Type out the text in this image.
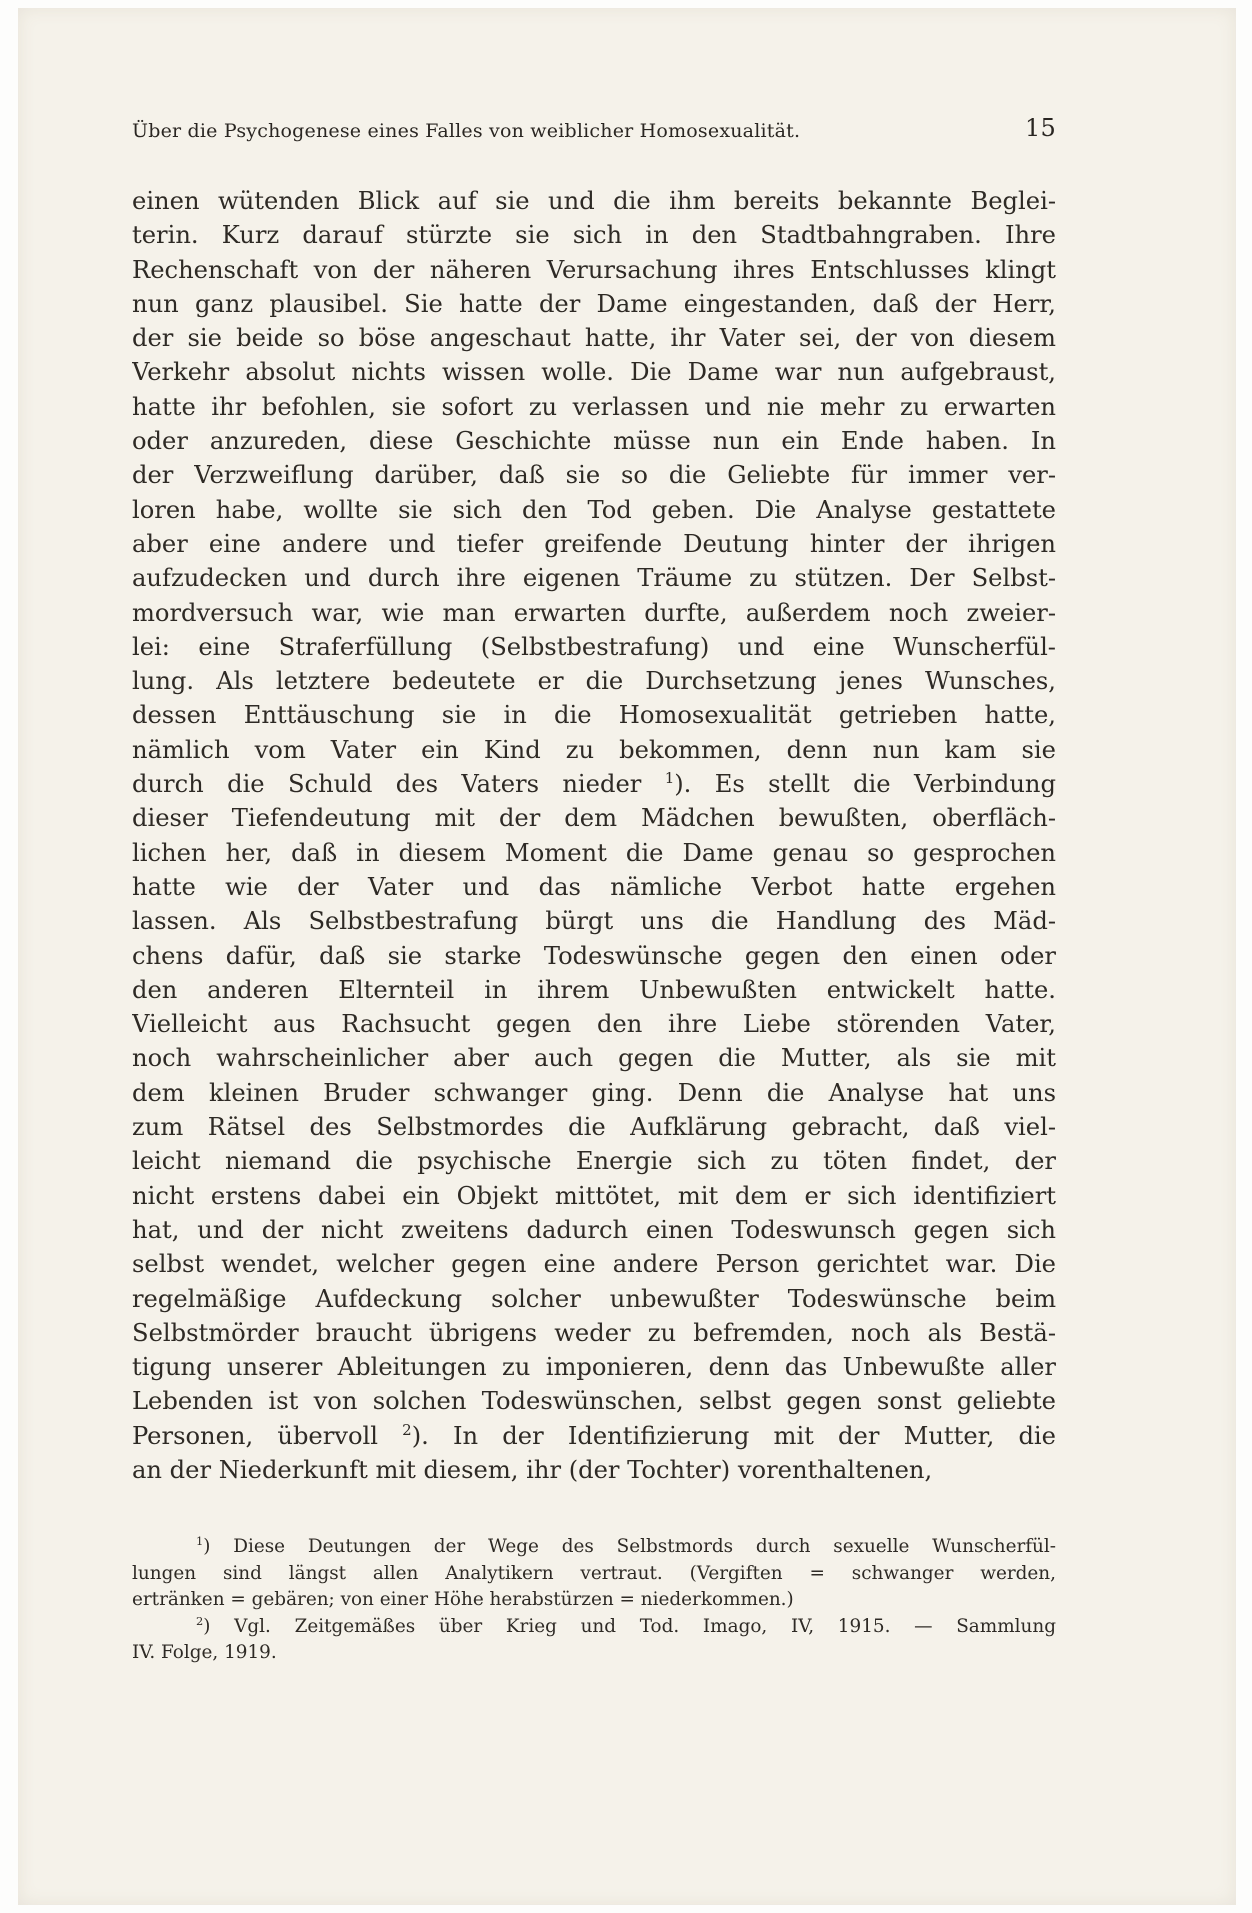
Über die Psychogenese eines Falles von weiblicher Homosexualität.	15
einen wütenden Blick auf sie und die ihm bereits bekannte Beglei-
terin. Kurz darauf stürzte sie sich in den Stadtbahngraben. Ihre
Rechenschaft von der näheren Verursachung ihres Entschlusses klingt
nun ganz plausibel. Sie hatte der Dame eingestanden, daß der Herr,
der sie beide so böse angeschaut hatte, ihr Vater sei, der von diesem
Verkehr absolut nichts wissen wolle. Die Dame war nun aufgebraust,
hatte ihr befohlen, sie sofort zu verlassen und nie mehr zu erwarten
oder anzureden, diese Geschichte müsse nun ein Ende haben. In
der Verzweiflung darüber, daß sie so die Geliebte für immer ver-
loren habe, wollte sie sich den Tod geben. Die Analyse gestattete
aber eine andere und tiefer greifende Deutung hinter der ihrigen
aufzudecken und durch ihre eigenen Träume zu stützen. Der Selbst-
mordversuch war, wie man erwarten durfte, außerdem noch zweier-
lei: eine Straferfüllung (Selbstbestrafung) und eine Wunscherfül-
lung. Als letztere bedeutete er die Durchsetzung jenes Wunsches,
dessen Enttäuschung sie in die Homosexualität getrieben hatte,
nämlich vom Vater ein Kind zu bekommen, denn nun kam sie
durch die Schuld des Vaters nieder $^1$). Es stellt die Verbindung
dieser Tiefendeutung mit der dem Mädchen bewußten, oberfläch-
lichen her, daß in diesem Moment die Dame genau so gesprochen
hatte wie der Vater und das nämliche Verbot hatte ergehen
lassen. Als Selbstbestrafung bürgt uns die Handlung des Mäd-
chens dafür, daß sie starke Todeswünsche gegen den einen oder
den anderen Elternteil in ihrem Unbewußten entwickelt hatte.
Vielleicht aus Rachsucht gegen den ihre Liebe störenden Vater,
noch wahrscheinlicher aber auch gegen die Mutter, als sie mit
dem kleinen Bruder schwanger ging. Denn die Analyse hat uns
zum Rätsel des Selbstmordes die Aufklärung gebracht, daß viel-
leicht niemand die psychische Energie sich zu töten findet, der
nicht erstens dabei ein Objekt mittötet, mit dem er sich identifiziert
hat, und der nicht zweitens dadurch einen Todeswunsch gegen sich
selbst wendet, welcher gegen eine andere Person gerichtet war. Die
regelmäßige Aufdeckung solcher unbewußter Todeswünsche beim
Selbstmörder braucht übrigens weder zu befremden, noch als Bestä-
tigung unserer Ableitungen zu imponieren, denn das Unbewußte aller
Lebenden ist von solchen Todeswünschen, selbst gegen sonst geliebte
Personen, übervoll $^2$). In der Identifizierung mit der Mutter, die
an der Niederkunft mit diesem, ihr (der Tochter) vorenthaltenen,
$^1$) Diese Deutungen der Wege des Selbstmords durch sexuelle Wunscherfül-
lungen sind längst allen Analytikern vertraut. (Vergiften = schwanger werden,
ertränken = gebären; von einer Höhe herabstürzen = niederkommen.)
$^2$) Vgl. Zeitgemäßes über Krieg und Tod. Imago, IV, 1915. — Sammlung
IV. Folge, 1919.
